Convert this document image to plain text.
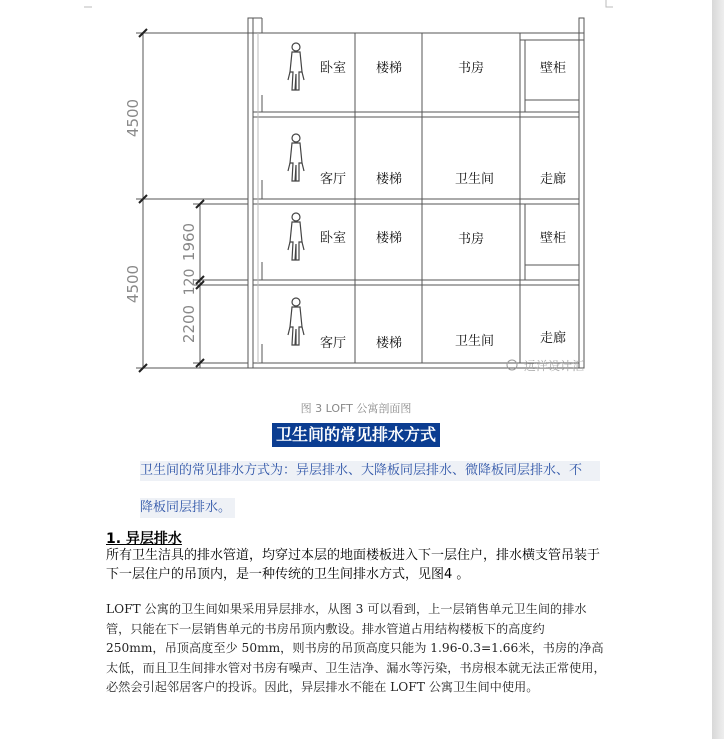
4500
4500
1960
120
2200
卧室 楼梯	书房	壁柜
客厅 楼梯	卫生间	走廊
卧室 楼梯	书房	壁柜
客厅 楼梯	卫生间	走廊
远洋设计汇
图 3 LOFT 公寓剖面图
卫生间的常见排水方式
卫生间的常见排水方式为：异层排水、大降板同层排水、微降板同层排水、不
降板同层排水。
1. 异层排水
所有卫生洁具的排水管道，均穿过本层的地面楼板进入下一层住户，排水横支管吊装于下一层住户的吊顶内，是一种传统的卫生间排水方式，见图4 。
LOFT 公寓的卫生间如果采用异层排水，从图 3 可以看到，上一层销售单元卫生间的排水管，只能在下一层销售单元的书房吊顶内敷设。排水管道占用结构楼板下的高度约 250mm，吊顶高度至少 50mm，则书房的吊顶高度只能为 1.96-0.3=1.66米，书房的净高太低，而且卫生间排水管对书房有噪声、卫生洁净、漏水等污染，书房根本就无法正常使用，必然会引起邻居客户的投诉。因此，异层排水不能在 LOFT 公寓卫生间中使用。
